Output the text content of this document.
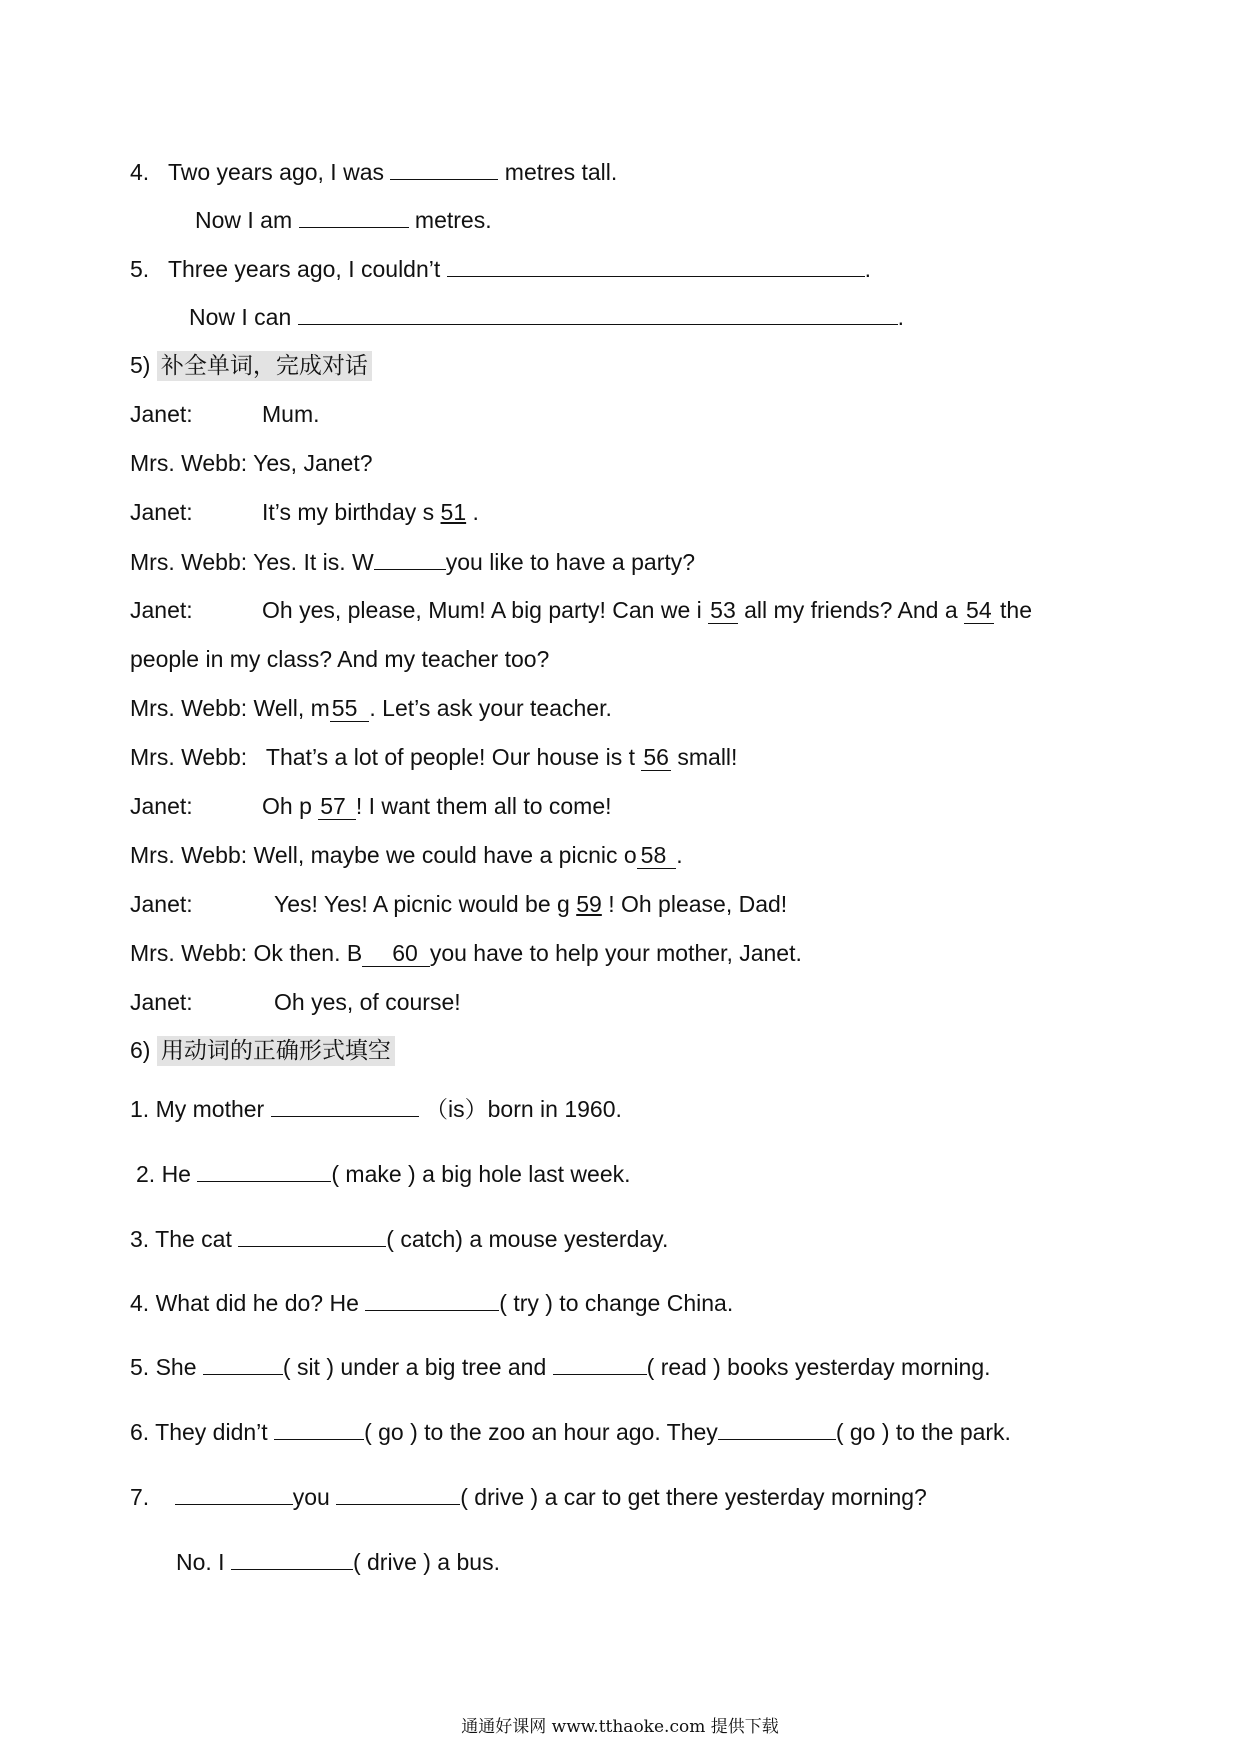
4. Two years ago, I was	metres tall.
Now I am	metres.
5. Three years ago, I couldn’t	.
Now I can	.
5) 补全单词，完成对话
Janet:	Mum.
Mrs. Webb: Yes, Janet?
Janet:	It’s my birthday s 51 .
Mrs. Webb: Yes. It is. W	you like to have a party?
Janet:	Oh yes, please, Mum! A big party! Can we i 53 all my friends? And a 54 the
people in my class? And my teacher too?
Mrs. Webb: Well, m55 . Let’s ask your teacher.
Mrs. Webb: That’s a lot of people! Our house is t 56 small!
Janet:	Oh p 57 ! I want them all to come!
Mrs. Webb: Well, maybe we could have a picnic o 58 .
Janet:	Yes! Yes! A picnic would be g 59 ! Oh please, Dad!
Mrs. Webb: Ok then. B 60 you have to help your mother, Janet.
Janet:	Oh yes, of course!
6) 用动词的正确形式填空
1. My mother	（is）born in 1960.
2. He	( make ) a big hole last week.
3. The cat	( catch) a mouse yesterday.
4. What did he do? He	( try ) to change China.
5. She	( sit ) under a big tree and	( read ) books yesterday morning.
6. They didn’t	( go ) to the zoo an hour ago. They	( go ) to the park.
7.	you	( drive ) a car to get there yesterday morning?
No. I	( drive ) a bus.
通通好课网 www.tthaoke.com 提供下载
